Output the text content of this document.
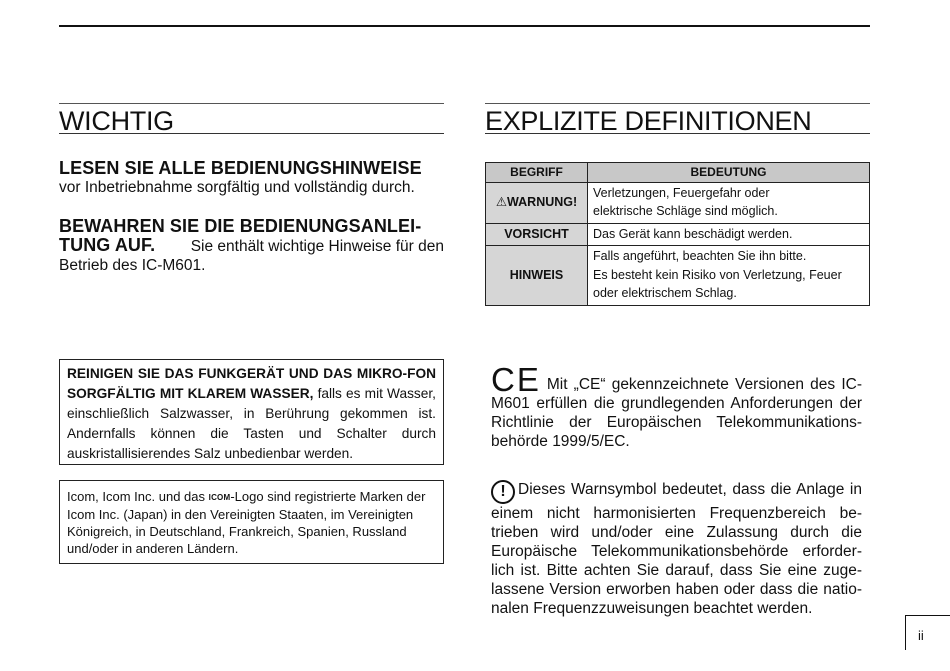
WICHTIG
LESEN SIE ALLE BEDIENUNGSHINWEISE
vor Inbetriebnahme sorgfältig und vollständig durch.
BEWAHREN SIE DIE BEDIENUNGSANLEI-
TUNG AUF. Sie enthält wichtige Hinweise für den
Betrieb des IC-M601.
REINIGEN SIE DAS FUNKGERÄT UND DAS MIKRO-FON SORGFÄLTIG MIT KLAREM WASSER, falls es mit Wasser, einschließlich Salzwasser, in Berührung gekommen ist. Andernfalls können die Tasten und Schalter durch auskristallisierendes Salz unbedienbar werden.
Icom, Icom Inc. und das ICOM-Logo sind registrierte Marken der Icom Inc. (Japan) in den Vereinigten Staaten, im Vereinigten Königreich, in Deutschland, Frankreich, Spanien, Russland und/oder in anderen Ländern.
EXPLIZITE DEFINITIONEN
BEGRIFF	BEDEUTUNG
⚠WARNUNG!	Verletzungen, Feuergefahr oder
elektrische Schläge sind möglich.

VORSICHT	Das Gerät kann beschädigt werden.

HINWEIS	Falls angeführt, beachten Sie ihn bitte.
Es besteht kein Risiko von Verletzung, Feuer
oder elektrischem Schlag.
CE Mit „CE“ gekennzeichnete Versionen des IC-M601 erfüllen die grundlegenden Anforderungen der Richtlinie der Europäischen Telekommunikations-behörde 1999/5/EC.
! Dieses Warnsymbol bedeutet, dass die Anlage in einem nicht harmonisierten Frequenzbereich be-trieben wird und/oder eine Zulassung durch die Europäische Telekommunikationsbehörde erforder-lich ist. Bitte achten Sie darauf, dass Sie eine zuge-lassene Version erworben haben oder dass die natio-nalen Frequenzzuweisungen beachtet werden.
ii
